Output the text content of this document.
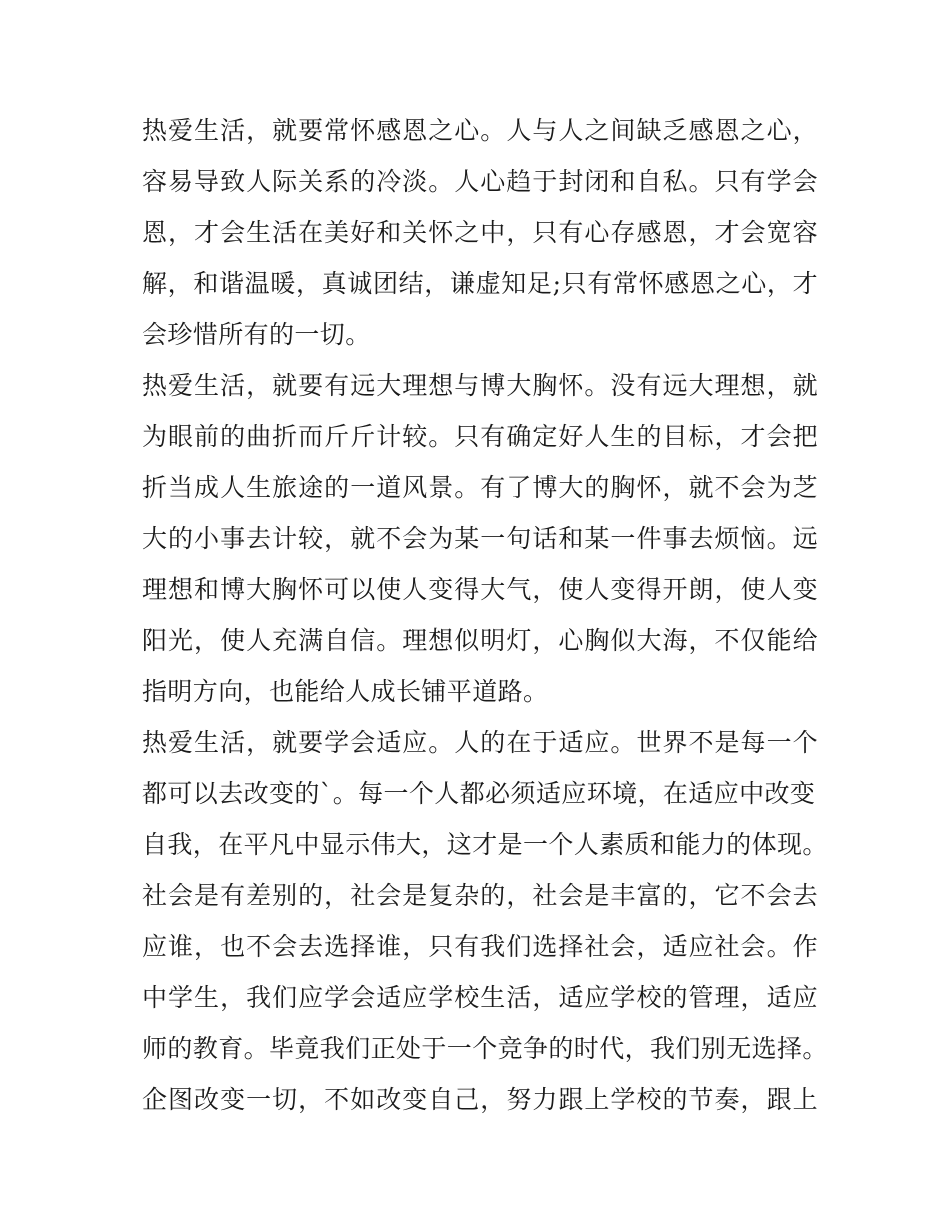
热爱生活，就要常怀感恩之心。人与人之间缺乏感恩之心，
容易导致人际关系的冷淡。人心趋于封闭和自私。只有学会
恩，才会生活在美好和关怀之中，只有心存感恩，才会宽容
解，和谐温暖，真诚团结，谦虚知足;只有常怀感恩之心，才
会珍惜所有的一切。
热爱生活，就要有远大理想与博大胸怀。没有远大理想，就
为眼前的曲折而斤斤计较。只有确定好人生的目标，才会把
折当成人生旅途的一道风景。有了博大的胸怀，就不会为芝
大的小事去计较，就不会为某一句话和某一件事去烦恼。远
理想和博大胸怀可以使人变得大气，使人变得开朗，使人变
阳光，使人充满自信。理想似明灯，心胸似大海，不仅能给
指明方向，也能给人成长铺平道路。
热爱生活，就要学会适应。人的在于适应。世界不是每一个
都可以去改变的`。每一个人都必须适应环境，在适应中改变
自我，在平凡中显示伟大，这才是一个人素质和能力的体现。
社会是有差别的，社会是复杂的，社会是丰富的，它不会去
应谁，也不会去选择谁，只有我们选择社会，适应社会。作
中学生，我们应学会适应学校生活，适应学校的管理，适应
师的教育。毕竟我们正处于一个竞争的时代，我们别无选择。
企图改变一切，不如改变自己，努力跟上学校的节奏，跟上
